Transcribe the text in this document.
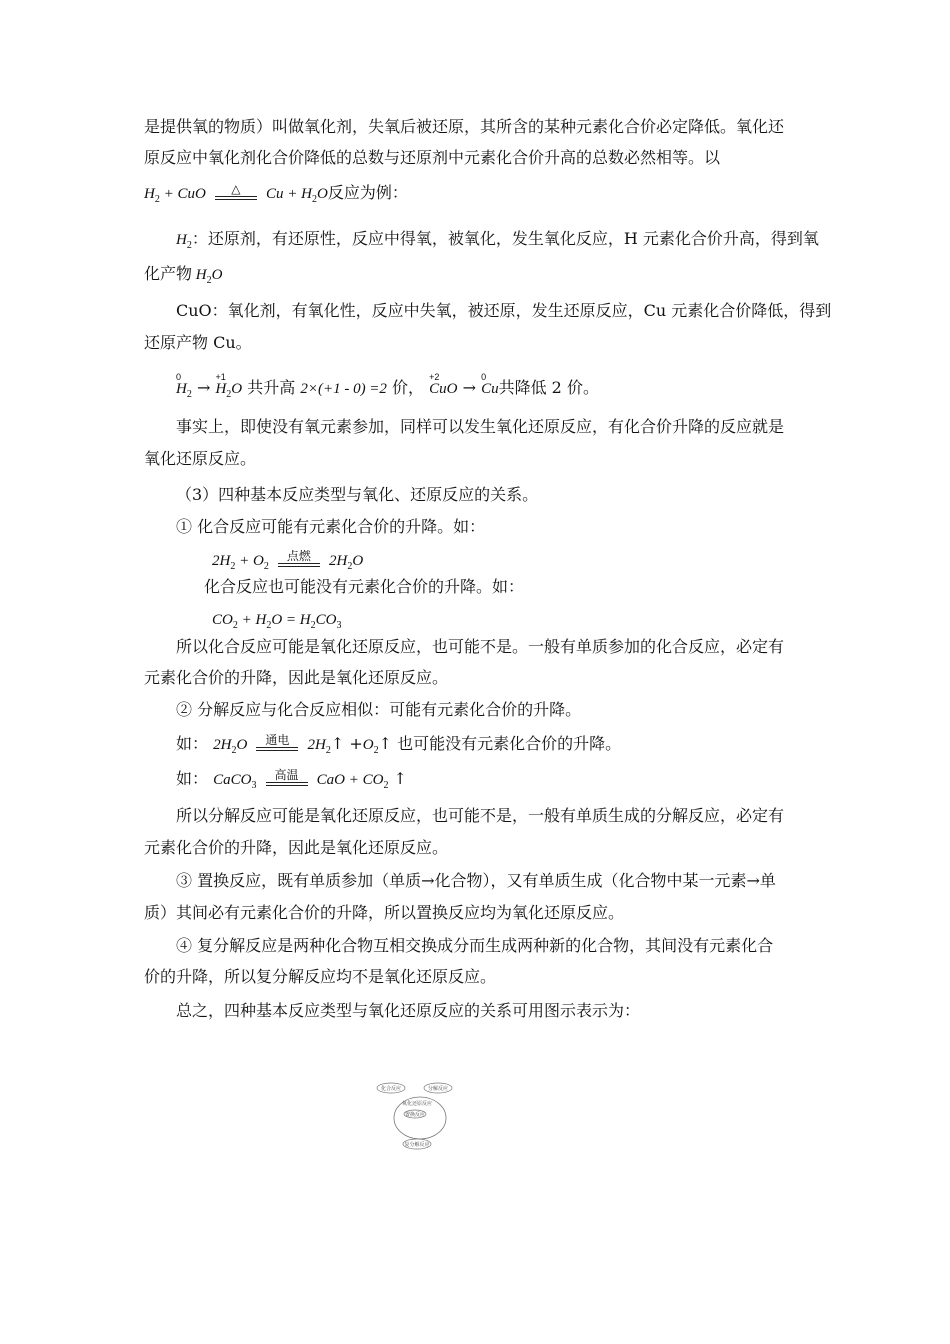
是提供氧的物质）叫做氧化剂，失氧后被还原，其所含的某种元素化合价必定降低。氧化还
原反应中氧化剂化合价降低的总数与还原剂中元素化合价升高的总数必然相等。以
$H_2$ + CuO	△	$Cu + H_2O$反应为例：
$H_2$：还原剂，有还原性，反应中得氧，被氧化，发生氧化反应，H 元素化合价升高，得到氧
化产物 $H_2O$
CuO：氧化剂，有氧化性，反应中失氧，被还原，发生还原反应，Cu 元素化合价降低，得到
还原产物 Cu。
$H_2$
0
→ $H_2O$
+1
共升高 2×(+1 - 0) =2 价， CuO
+2
→ Cu
0
共降低 2 价。
事实上，即使没有氧元素参加，同样可以发生氧化还原反应，有化合价升降的反应就是
氧化还原反应。
（3）四种基本反应类型与氧化、还原反应的关系。
① 化合反应可能有元素化合价的升降。如：
$2H_2 + O_2$
点燃	$2H_2O$
化合反应也可能没有元素化合价的升降。如：
$CO_2 + H_2O = H_2CO_3$
所以化合反应可能是氧化还原反应，也可能不是。一般有单质参加的化合反应，必定有
元素化合价的升降，因此是氧化还原反应。
② 分解反应与化合反应相似：可能有元素化合价的升降。
如： $2H_2O$	通电	$2H_2↑$ $+O_2↑$ 也可能没有元素化合价的升降。
如： CaCO$_3$
高温	CaO + $CO_2$ ↑
所以分解反应可能是氧化还原反应，也可能不是，一般有单质生成的分解反应，必定有
元素化合价的升降，因此是氧化还原反应。
③ 置换反应，既有单质参加（单质→化合物），又有单质生成（化合物中某一元素→单
质）其间必有元素化合价的升降，所以置换反应均为氧化还原反应。
④ 复分解反应是两种化合物互相交换成分而生成两种新的化合物，其间没有元素化合
价的升降，所以复分解反应均不是氧化还原反应。
总之，四种基本反应类型与氧化还原反应的关系可用图示表示为：
化合反应	分解反应
氧化还原反应
置换反应
复分解反应
